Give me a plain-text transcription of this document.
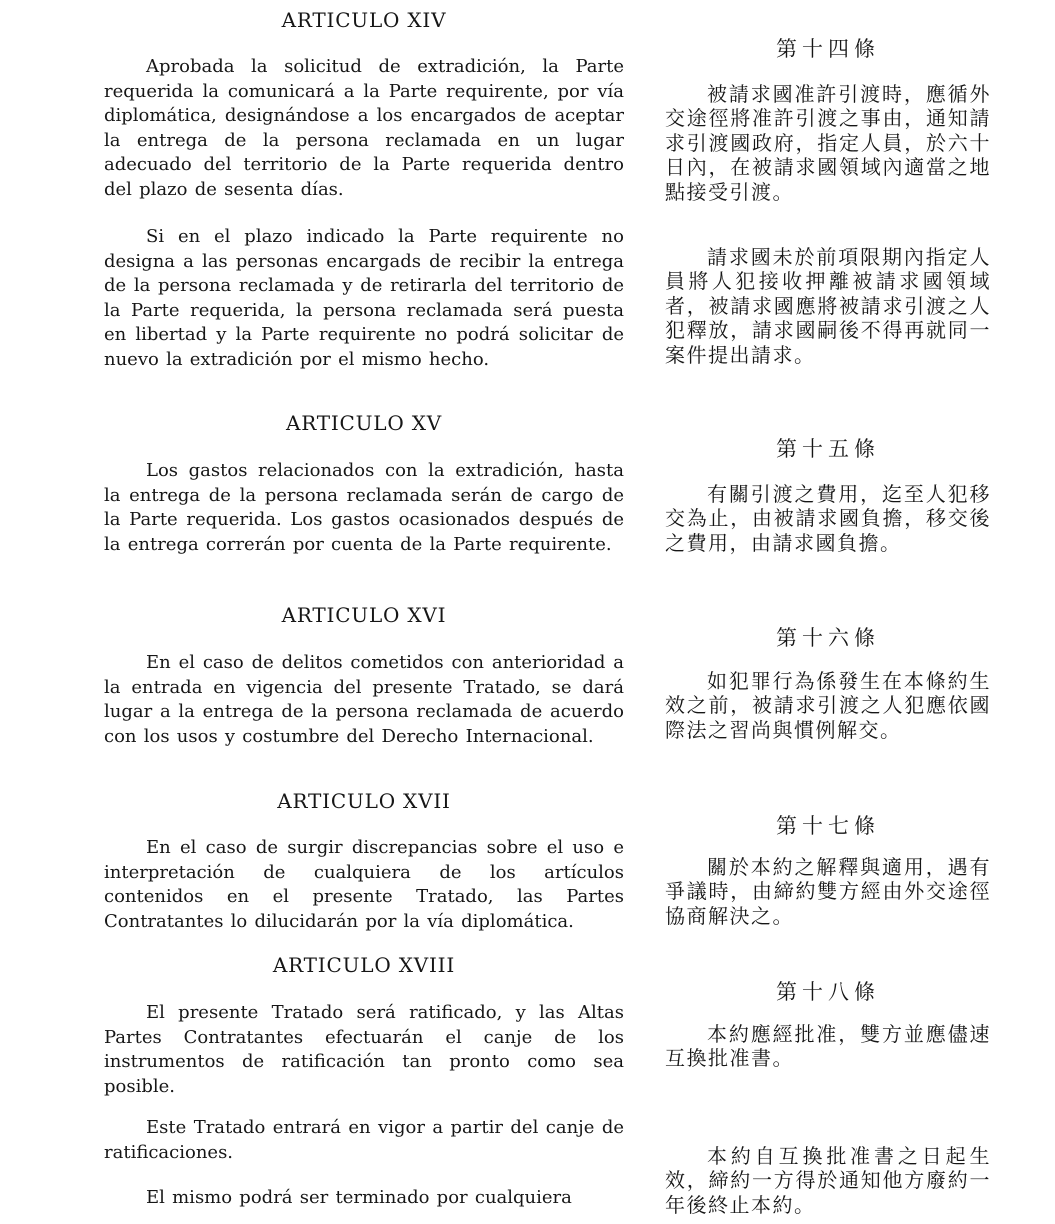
ARTICULO XIV
Aprobada la solicitud de extradición, la Parte requerida la comunicará a la Parte requirente, por vía diplomática, designándose a los encargados de aceptar la entrega de la persona reclamada en un lugar adecuado del territorio de la Parte requerida dentro del plazo de sesenta días.
Si en el plazo indicado la Parte requirente no designa a las personas encargads de recibir la entrega de la persona reclamada y de retirarla del territorio de la Parte requerida, la persona reclamada será puesta en libertad y la Parte requirente no podrá solicitar de nuevo la extradición por el mismo hecho.
ARTICULO XV
Los gastos relacionados con la extradición, hasta la entrega de la persona reclamada serán de cargo de la Parte requerida. Los gastos ocasionados después de la entrega correrán por cuenta de la Parte requirente.
ARTICULO XVI
En el caso de delitos cometidos con anterioridad a la entrada en vigencia del presente Tratado, se dará lugar a la entrega de la persona reclamada de acuerdo con los usos y costumbre del Derecho Internacional.
ARTICULO XVII
En el caso de surgir discrepancias sobre el uso e interpretación de cualquiera de los artículos contenidos en el presente Tratado, las Partes Contratantes lo dilucidarán por la vía diplomática.
ARTICULO XVIII
El presente Tratado será ratificado, y las Altas Partes Contratantes efectuarán el canje de los instrumentos de ratificación tan pronto como sea posible.
Este Tratado entrará en vigor a partir del canje de ratificaciones.
El mismo podrá ser terminado por cualquiera
第十四條
被請求國准許引渡時，應循外交途徑將准許引渡之事由，通知請求引渡國政府，指定人員，於六十日內，在被請求國領域內適當之地點接受引渡。
請求國未於前項限期內指定人員將人犯接收押離被請求國領域者，被請求國應將被請求引渡之人犯釋放，請求國嗣後不得再就同一案件提出請求。
第十五條
有關引渡之費用，迄至人犯移交為止，由被請求國負擔，移交後之費用，由請求國負擔。
第十六條
如犯罪行為係發生在本條約生效之前，被請求引渡之人犯應依國際法之習尚與慣例解交。
第十七條
關於本約之解釋與適用，遇有爭議時，由締約雙方經由外交途徑協商解決之。
第十八條
本約應經批准，雙方並應儘速互換批准書。
本約自互換批准書之日起生效，締約一方得於通知他方廢約一年後終止本約。
